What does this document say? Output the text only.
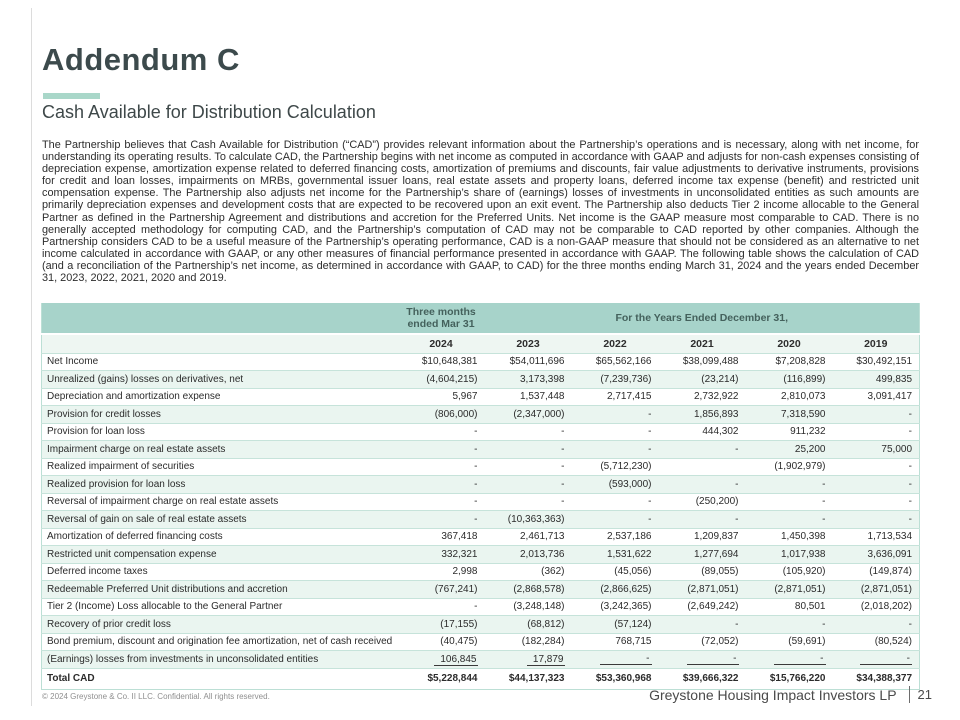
Addendum C
Cash Available for Distribution Calculation
The Partnership believes that Cash Available for Distribution (“CAD”) provides relevant information about the Partnership’s operations and is necessary, along with net income, for understanding its operating results. To calculate CAD, the Partnership begins with net income as computed in accordance with GAAP and adjusts for non-cash expenses consisting of depreciation expense, amortization expense related to deferred financing costs, amortization of premiums and discounts, fair value adjustments to derivative instruments, provisions for credit and loan losses, impairments on MRBs, governmental issuer loans, real estate assets and property loans, deferred income tax expense (benefit) and restricted unit compensation expense. The Partnership also adjusts net income for the Partnership’s share of (earnings) losses of investments in unconsolidated entities as such amounts are primarily depreciation expenses and development costs that are expected to be recovered upon an exit event. The Partnership also deducts Tier 2 income allocable to the General Partner as defined in the Partnership Agreement and distributions and accretion for the Preferred Units. Net income is the GAAP measure most comparable to CAD. There is no generally accepted methodology for computing CAD, and the Partnership’s computation of CAD may not be comparable to CAD reported by other companies. Although the Partnership considers CAD to be a useful measure of the Partnership’s operating performance, CAD is a non-GAAP measure that should not be considered as an alternative to net income calculated in accordance with GAAP, or any other measures of financial performance presented in accordance with GAAP. The following table shows the calculation of CAD (and a reconciliation of the Partnership’s net income, as determined in accordance with GAAP, to CAD) for the three months ending March 31, 2024 and the years ended December 31, 2023, 2022, 2021, 2020 and 2019.
	Three months
ended Mar 31	For the Years Ended December 31,				
	2024	2023	2022	2021	2020	2019
Net Income	$10,648,381	$54,011,696	$65,562,166	$38,099,488	$7,208,828	$30,492,151
Unrealized (gains) losses on derivatives, net	(4,604,215)	3,173,398	(7,239,736)	(23,214)	(116,899)	499,835
Depreciation and amortization expense	5,967	1,537,448	2,717,415	2,732,922	2,810,073	3,091,417
Provision for credit losses	(806,000)	(2,347,000)	-	1,856,893	7,318,590	-
Provision for loan loss	-	-	-	444,302	911,232	-
Impairment charge on real estate assets	-	-	-	-	25,200	75,000
Realized impairment of securities	-	-	(5,712,230)		(1,902,979)	-
Realized provision for loan loss	-	-	(593,000)	-	-	-
Reversal of impairment charge on real estate assets	-	-	-	(250,200)	-	-
Reversal of gain on sale of real estate assets	-	(10,363,363)	-	-	-	-
Amortization of deferred financing costs	367,418	2,461,713	2,537,186	1,209,837	1,450,398	1,713,534
Restricted unit compensation expense	332,321	2,013,736	1,531,622	1,277,694	1,017,938	3,636,091
Deferred income taxes	2,998	(362)	(45,056)	(89,055)	(105,920)	(149,874)
Redeemable Preferred Unit distributions and accretion	(767,241)	(2,868,578)	(2,866,625)	(2,871,051)	(2,871,051)	(2,871,051)
Tier 2 (Income) Loss allocable to the General Partner	-	(3,248,148)	(3,242,365)	(2,649,242)	80,501	(2,018,202)
Recovery of prior credit loss	(17,155)	(68,812)	(57,124)	-	-	-
Bond premium, discount and origination fee amortization, net of cash received	(40,475)	(182,284)	768,715	(72,052)	(59,691)	(80,524)
(Earnings) losses from investments in unconsolidated entities	106,845	17,879	-	-	-	-
Total CAD	$5,228,844	$44,137,323	$53,360,968	$39,666,322	$15,766,220	$34,388,377
© 2024 Greystone & Co. II LLC. Confidential. All rights reserved.	Greystone Housing Impact Investors LP 21
